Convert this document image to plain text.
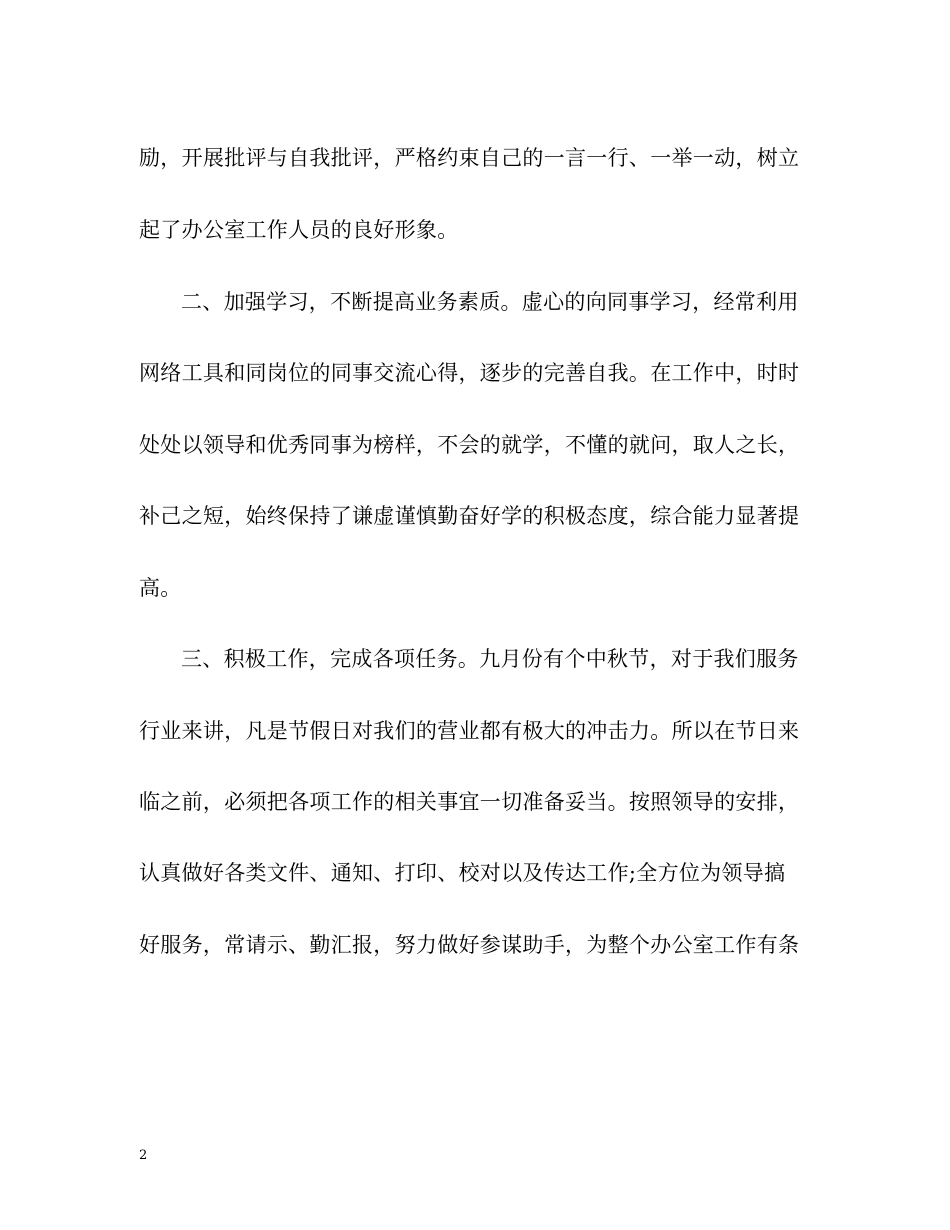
励，开展批评与自我批评，严格约束自己的一言一行、一举一动，树立
起了办公室工作人员的良好形象。
二、加强学习，不断提高业务素质。虚心的向同事学习，经常利用
网络工具和同岗位的同事交流心得，逐步的完善自我。在工作中，时时
处处以领导和优秀同事为榜样，不会的就学，不懂的就问，取人之长，
补己之短，始终保持了谦虚谨慎勤奋好学的积极态度，综合能力显著提
高。
三、积极工作，完成各项任务。九月份有个中秋节，对于我们服务
行业来讲，凡是节假日对我们的营业都有极大的冲击力。所以在节日来
临之前，必须把各项工作的相关事宜一切准备妥当。按照领导的安排，
认真做好各类文件、通知、打印、校对以及传达工作;全方位为领导搞
好服务，常请示、勤汇报，努力做好参谋助手，为整个办公室工作有条
2
